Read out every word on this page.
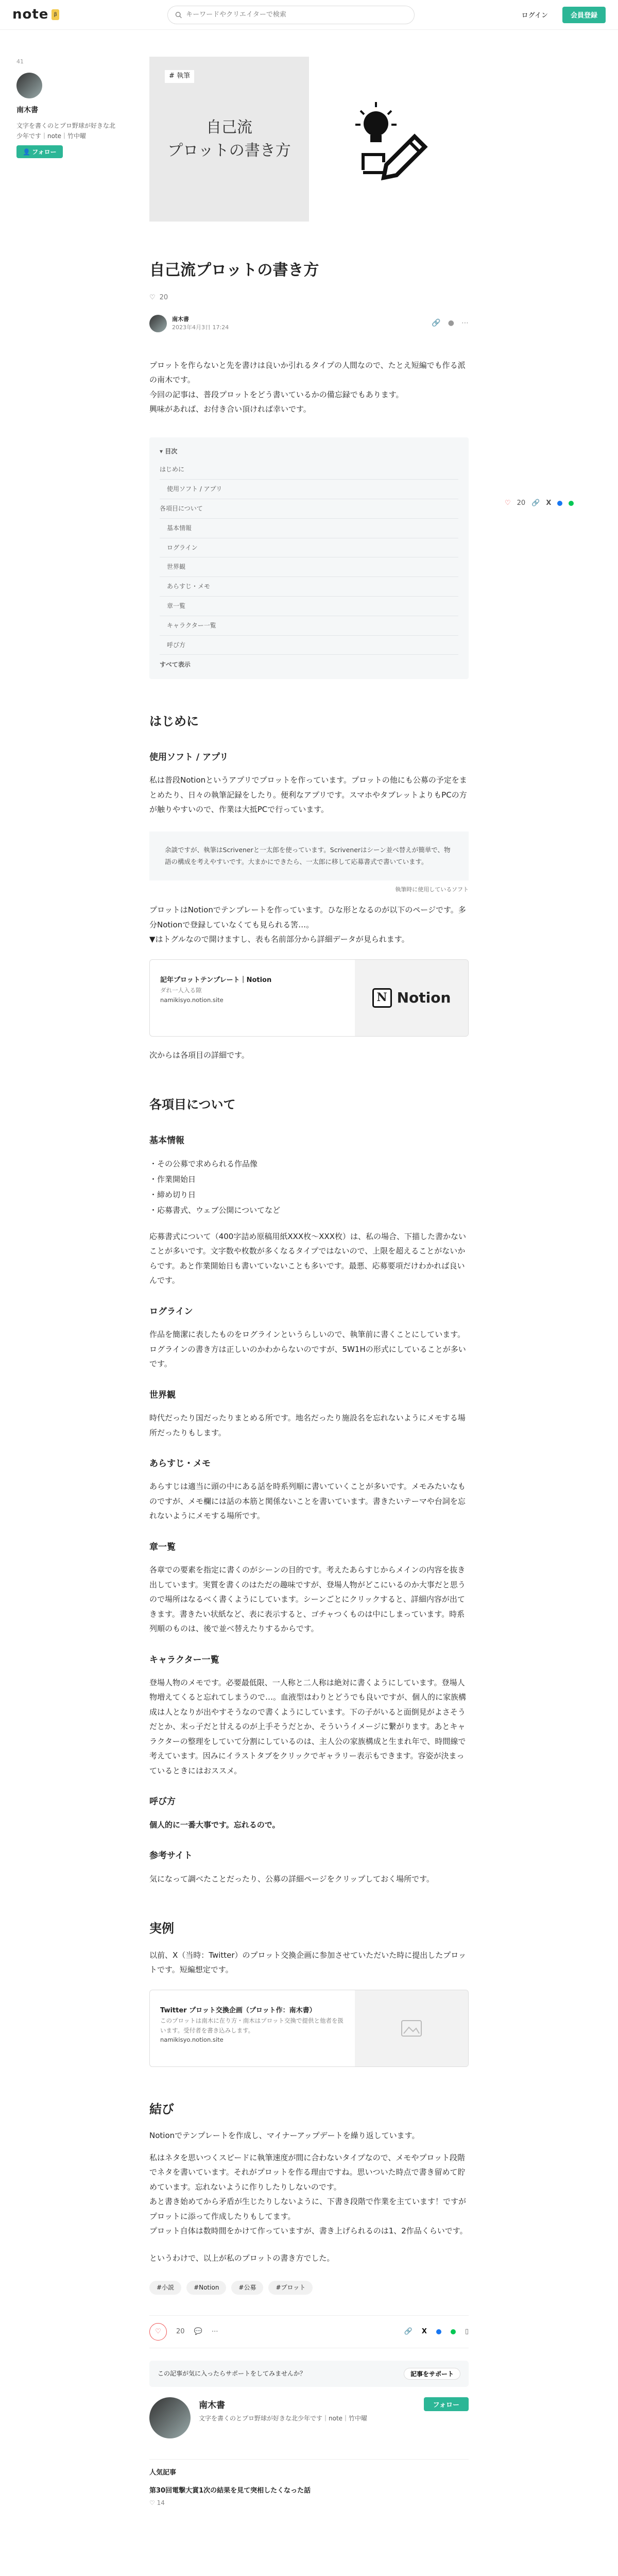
note	β
キーワードやクリエイターで検索	ログイン	会員登録
41
南木書
文字を書くのとプロ野球が好きな北少年です｜note｜竹中曜
👤 フォロー
♡ 20 🔗 X
# 執筆
自己流
プロットの書き方
自己流プロットの書き方
♡ 20
南木書
2023年4月3日 17:24	🔗 ● ⋯

プロットを作らないと先を書けは良いか引れるタイプの人間なので、たとえ短編でも作る派の南木です。

今回の記事は、普段プロットをどう書いているかの備忘録でもあります。

興味があれば、お付き合い頂ければ幸いです。

▾ 目次
はじめに
使用ソフト / アプリ
各項目について
基本情報
ログライン
世界観
あらすじ・メモ
章一覧
キャラクター一覧
呼び方
すべて表示
はじめに
使用ソフト / アプリ

私は普段Notionというアプリでプロットを作っています。プロットの他にも公募の予定をまとめたり、日々の執筆記録をしたり。便利なアプリです。スマホやタブレットよりもPCの方が触りやすいので、作業は大抵PCで行っています。

余談ですが、執筆はScrivenerと一太郎を使っています。Scrivenerはシーン並べ替えが簡単で、物語の構成を考えやすいです。大まかにできたら、一太郎に移して応募書式で書いています。
執筆時に使用しているソフト

プロットはNotionでテンプレートを作っています。ひな形となるのが以下のページです。多分Notionで登録していなくても見られる筈…。
▼はトグルなので開けますし、表も名前部分から詳細データが見られます。

記年プロットテンプレート｜Notion
ダれ一人入る隙
namikisyo.notion.site	N Notion

次からは各項目の詳細です。

各項目について
基本情報
・その公募で求められる作品像
・作業開始日
・締め切り日
・応募書式、ウェブ公開についてなど

応募書式について（400字詰め原稿用紙XXX枚〜XXX枚）は、私の場合、下描した書かないことが多いです。文字数や枚数が多くなるタイプではないので、上限を超えることがないからです。あと作業開始日も書いていないことも多いです。最悪、応募要項だけわかれば良いんです。

ログライン

作品を簡潔に表したものをログラインというらしいので、執筆前に書くことにしています。ログラインの書き方は正しいのかわからないのですが、5W1Hの形式にしていることが多いです。

世界観

時代だったり国だったりまとめる所です。地名だったり施設名を忘れないようにメモする場所だったりもします。

あらすじ・メモ

あらすじは適当に頭の中にある話を時系列順に書いていくことが多いです。メモみたいなものですが、メモ欄には話の本筋と関係ないことを書いています。書きたいテーマや台詞を忘れないようにメモする場所です。

章一覧

各章での要素を指定に書くのがシーンの目的です。考えたあらすじからメインの内容を抜き出しています。実質を書くのはただの趣味ですが、登場人物がどこにいるのか大事だと思うので場所はなるべく書くようにしています。シーンごとにクリックすると、詳細内容が出てきます。書きたい状紙など、表に表示すると、ゴチャつくものは中にしまっています。時系列順のものは、後で並べ替えたりするからです。

キャラクター一覧

登場人物のメモです。必要最低限、一人称と二人称は絶対に書くようにしています。登場人物増えてくると忘れてしまうので…。血液型はわりとどうでも良いですが、個人的に家族構成は人となりが出やすそうなので書くようにしています。下の子がいると面倒見がよさそうだとか、末っ子だと甘えるのが上手そうだとか、そういうイメージに繋がります。あとキャラクターの整理をしていて分割にしているのは、主人公の家族構成と生まれ年で、時間線で考えています。因みにイラストタブをクリックでギャラリー表示もできます。容姿が決まっているときにはおススメ。

呼び方

個人的に一番大事です。忘れるので。

参考サイト

気になって調べたことだったり、公募の詳細ページをクリップしておく場所です。

実例

以前、X（当時：Twitter）のプロット交換企画に参加させていただいた時に提出したプロットです。短編想定です。

Twitter プロット交換企画（プロット作：南木書）
このプロットは南木に在り方・南木はプロット交換で提供と他者を扱います。受付者を書き込みします。
namikisyo.notion.site
結び

Notionでテンプレートを作成し、マイナーアップデートを繰り返しています。

私はネタを思いつくスピードに執筆速度が間に合わないタイプなので、メモやプロット段階でネタを書いています。それがプロットを作る理由ですね。思いついた時点で書き留めて貯めています。忘れないように作りしたりしないのです。
あと書き始めてから矛盾が生じたりしないように、下書き段階で作業を主ています！ですがプロットに添って作成したりもしてます。
プロット自体は数時間をかけて作っていますが、書き上げられるのは1、2作品くらいです。

というわけで、以上が私のプロットの書き方でした。

#小説	#Notion	#公募	#プロット
♡	20 💬 ⋯	🔗 X	▯
この記事が気に入ったらサポートをしてみませんか？	記事をサポート
南木書
文字を書くのとプロ野球が好きな北少年です｜note｜竹中曜
フォロー
人気記事
第30回電撃大賞1次の結果を見て突相したくなった話
♡ 14
